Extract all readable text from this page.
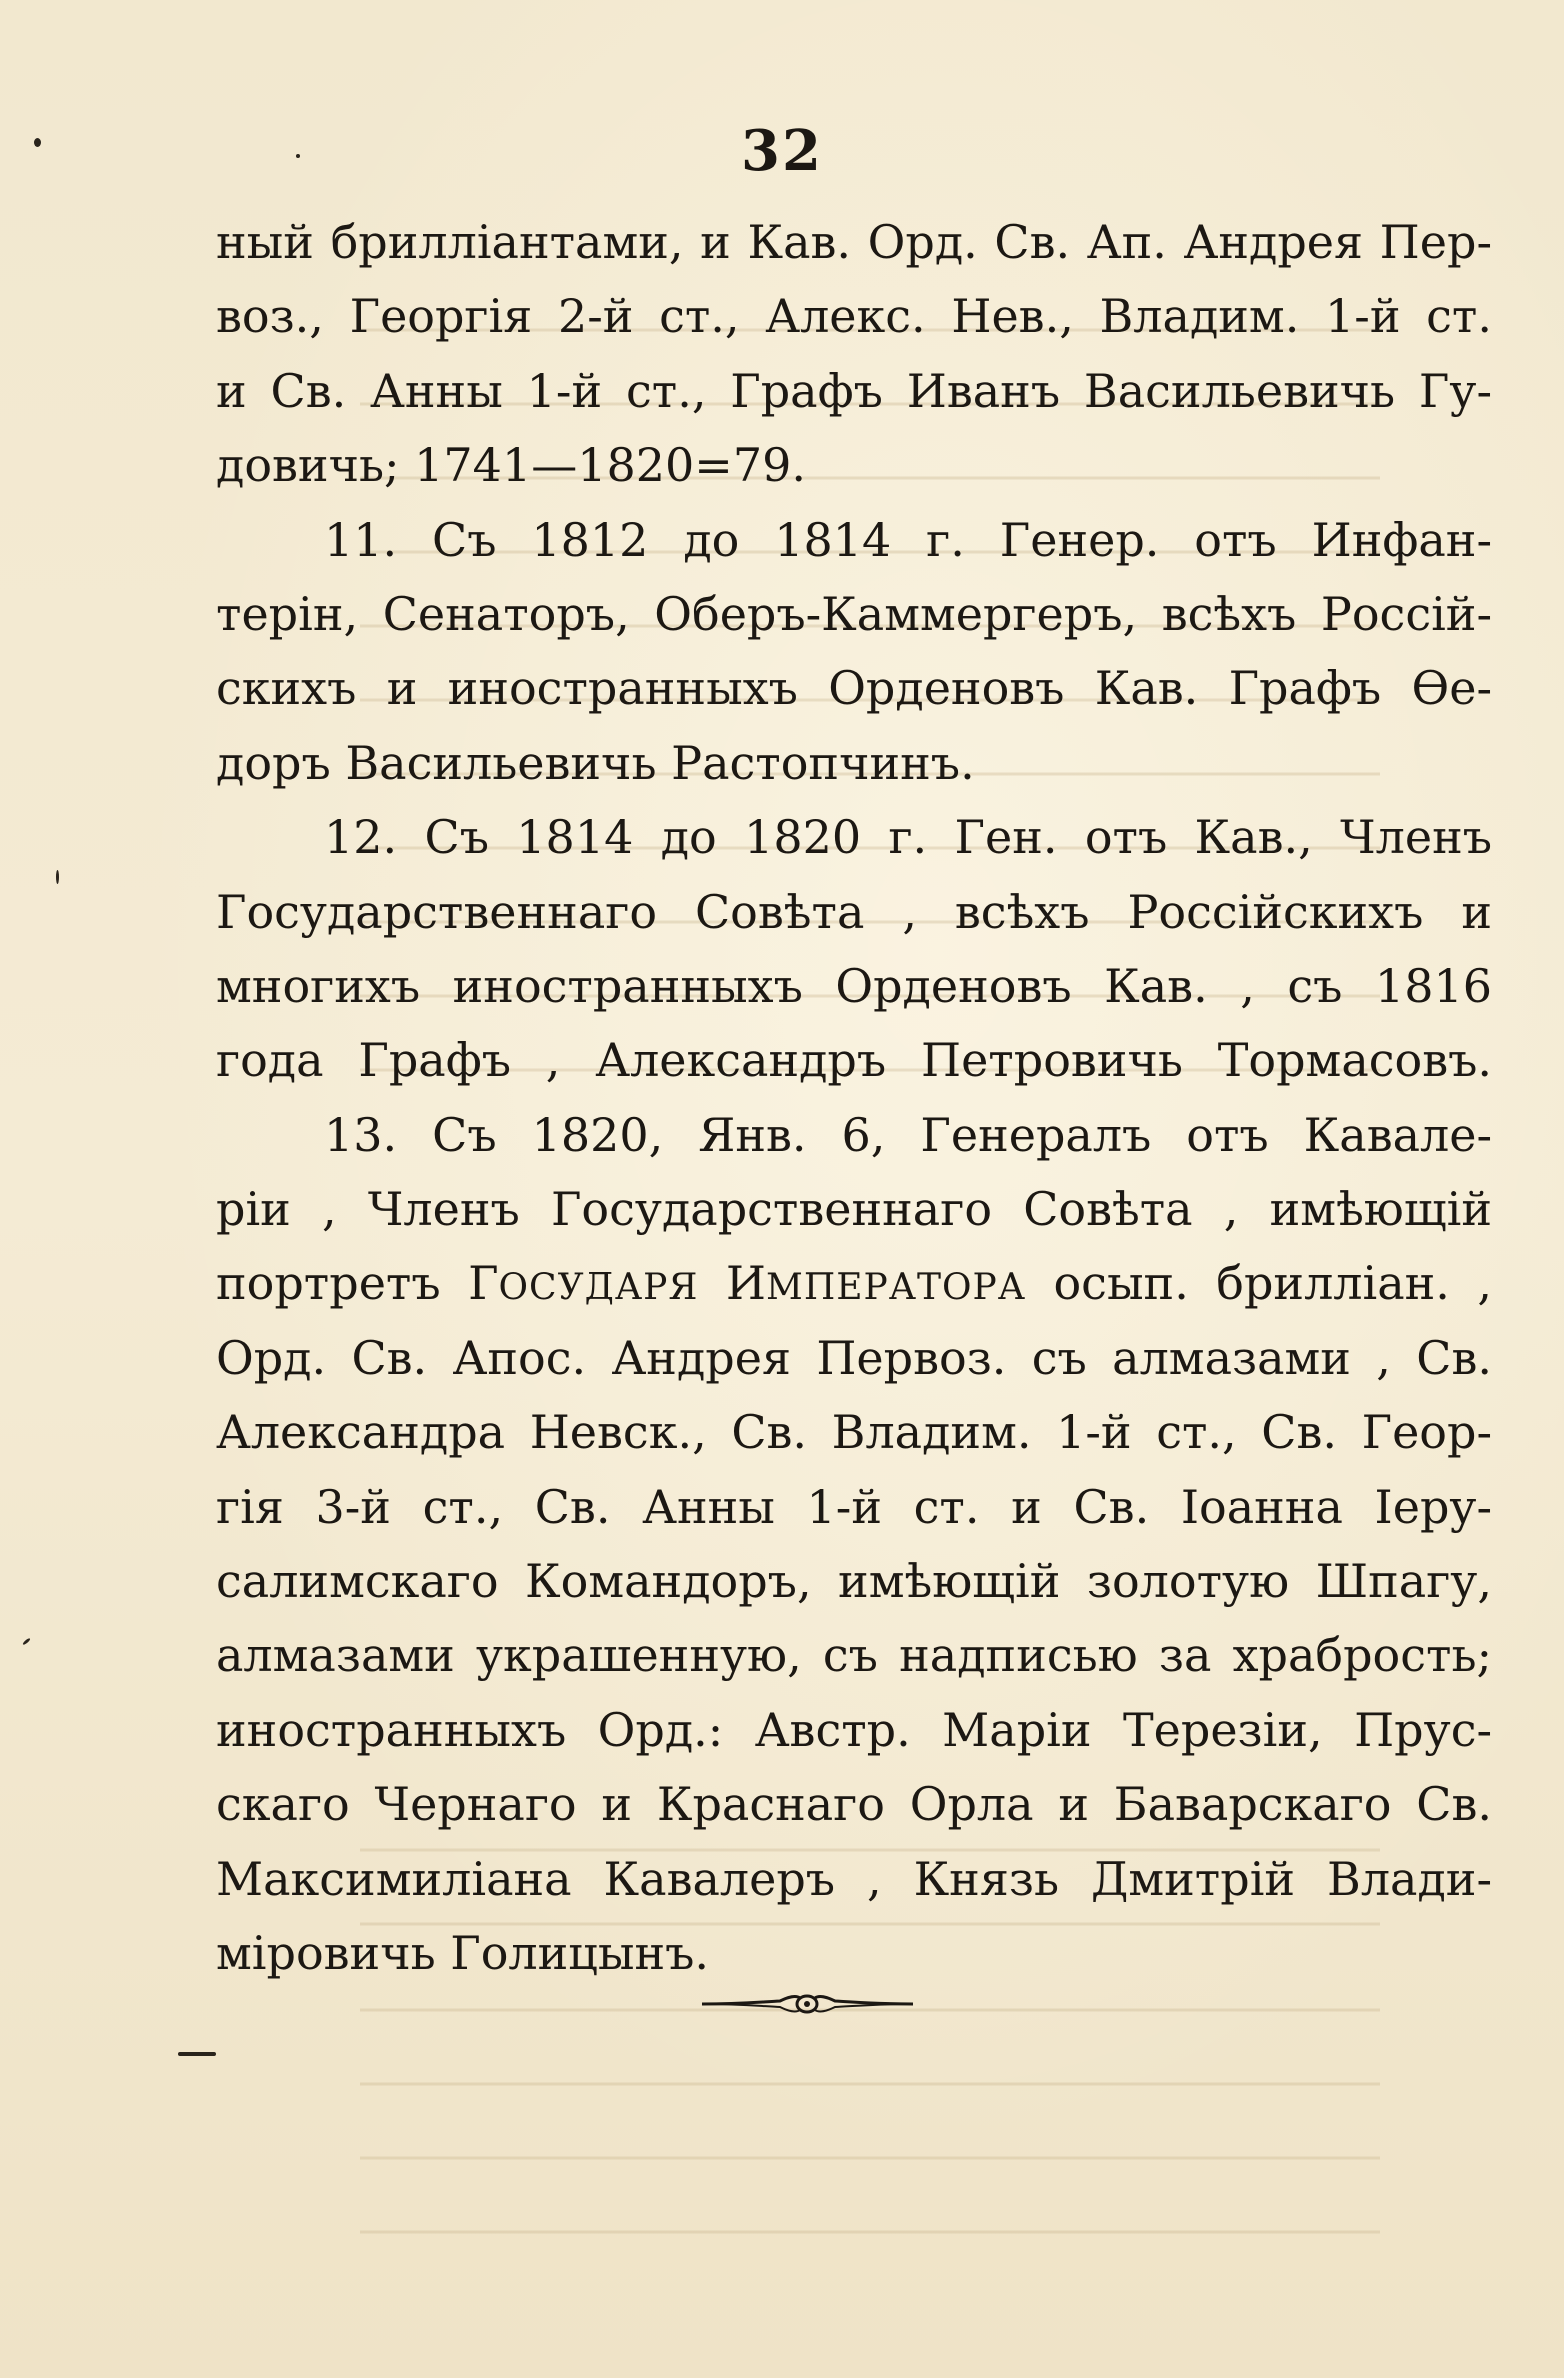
32
ный брилліантами, и Кав. Орд. Св. Ап. Андрея Пер-
воз., Георгія 2-й ст., Алекс. Нев., Владим. 1-й ст.
и Св. Анны 1-й ст., Графъ Иванъ Васильевичь Гу-
довичь; 1741—1820=79.
11. Съ 1812 до 1814 г. Генер. отъ Инфан-
терін, Сенаторъ, Оберъ-Каммергеръ, всѣхъ Россій-
скихъ и иностранныхъ Орденовъ Кав. Графъ Ѳе-
доръ Васильевичь Растопчинъ.
12. Съ 1814 до 1820 г. Ген. отъ Кав., Членъ
Государственнаго Совѣта , всѣхъ Россійскихъ и
многихъ иностранныхъ Орденовъ Кав. , съ 1816
года Графъ , Александръ Петровичь Тормасовъ.
13. Съ 1820, Янв. 6, Генералъ отъ Кавале-
ріи , Членъ Государственнаго Совѣта , имѣющій
портретъ ГОСУДАРЯ ИМПЕРАТОРА осып. брилліан. ,
Орд. Св. Апос. Андрея Первоз. съ алмазами , Св.
Александра Невск., Св. Владим. 1-й ст., Св. Геор-
гія 3-й ст., Св. Анны 1-й ст. и Св. Іоанна Іеру-
салимскаго Командоръ, имѣющій золотую Шпагу,
алмазами украшенную, съ надписью за храбрость;
иностранныхъ Орд.: Австр. Маріи Терезіи, Прус-
скаго Чернаго и Краснаго Орла и Баварскаго Св.
Максимиліана Кавалеръ , Князь Дмитрій Влади-
міровичь Голицынъ.
